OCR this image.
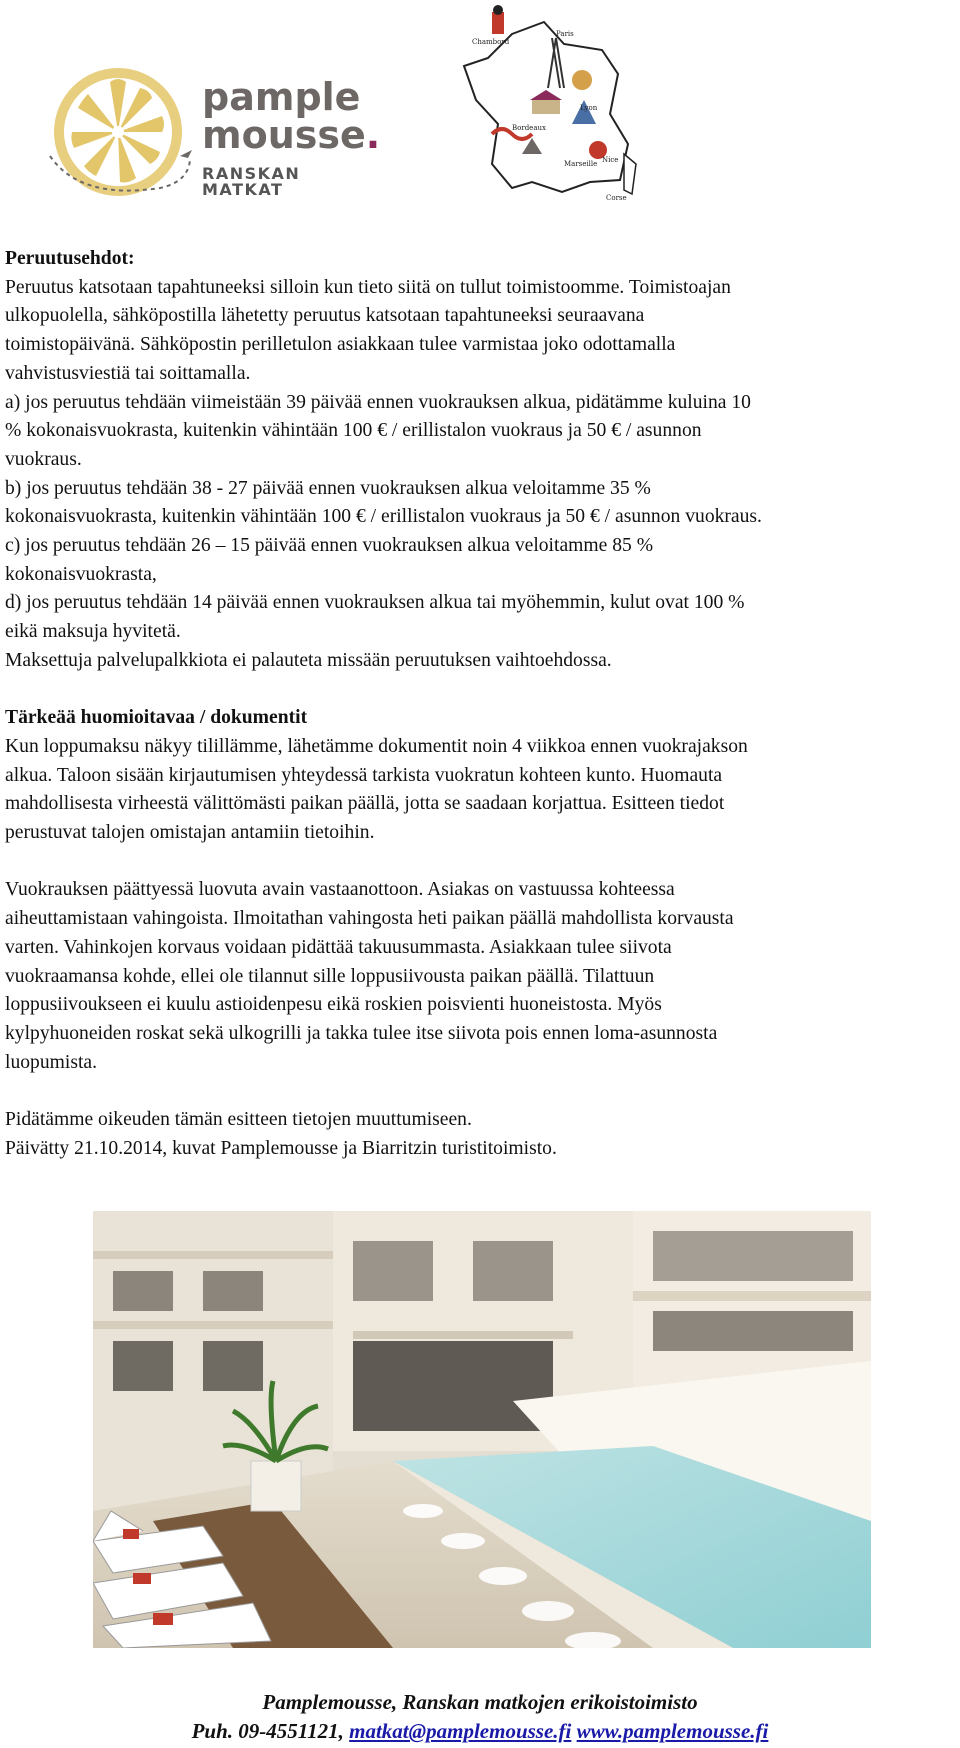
pample
mousse.
RANSKAN MATKAT
Chambord
Paris
Lyon
Bordeaux
Marseille Nice
Corse

Peruutusehdot:

Peruutus katsotaan tapahtuneeksi silloin kun tieto siitä on tullut toimistoomme. Toimistoajan

ulkopuolella, sähköpostilla lähetetty peruutus katsotaan tapahtuneeksi seuraavana

toimistopäivänä. Sähköpostin perilletulon asiakkaan tulee varmistaa joko odottamalla

vahvistusviestiä tai soittamalla.

a) jos peruutus tehdään viimeistään 39 päivää ennen vuokrauksen alkua, pidätämme kuluina 10

% kokonaisvuokrasta, kuitenkin vähintään 100 € / erillistalon vuokraus ja 50 € / asunnon

vuokraus.

b) jos peruutus tehdään 38 - 27 päivää ennen vuokrauksen alkua veloitamme 35 %

kokonaisvuokrasta, kuitenkin vähintään 100 € / erillistalon vuokraus ja 50 € / asunnon vuokraus.

c) jos peruutus tehdään 26 – 15 päivää ennen vuokrauksen alkua veloitamme 85 %

kokonaisvuokrasta,

d) jos peruutus tehdään 14 päivää ennen vuokrauksen alkua tai myöhemmin, kulut ovat 100 %

eikä maksuja hyvitetä.

Maksettuja palvelupalkkiota ei palauteta missään peruutuksen vaihtoehdossa.

Tärkeää huomioitavaa / dokumentit

Kun loppumaksu näkyy tilillämme, lähetämme dokumentit noin 4 viikkoa ennen vuokrajakson

alkua. Taloon sisään kirjautumisen yhteydessä tarkista vuokratun kohteen kunto. Huomauta

mahdollisesta virheestä välittömästi paikan päällä, jotta se saadaan korjattua. Esitteen tiedot

perustuvat talojen omistajan antamiin tietoihin.

Vuokrauksen päättyessä luovuta avain vastaanottoon. Asiakas on vastuussa kohteessa

aiheuttamistaan vahingoista. Ilmoitathan vahingosta heti paikan päällä mahdollista korvausta

varten. Vahinkojen korvaus voidaan pidättää takuusummasta. Asiakkaan tulee siivota

vuokraamansa kohde, ellei ole tilannut sille loppusiivousta paikan päällä. Tilattuun

loppusiivoukseen ei kuulu astioidenpesu eikä roskien poisvienti huoneistosta. Myös

kylpyhuoneiden roskat sekä ulkogrilli ja takka tulee itse siivota pois ennen loma-asunnosta

luopumista.

Pidätämme oikeuden tämän esitteen tietojen muuttumiseen.

Päivätty 21.10.2014, kuvat Pamplemousse ja Biarritzin turistitoimisto.

Pamplemousse, Ranskan matkojen erikoistoimisto
Puh. 09-4551121, matkat@pamplemousse.fi www.pamplemousse.fi
